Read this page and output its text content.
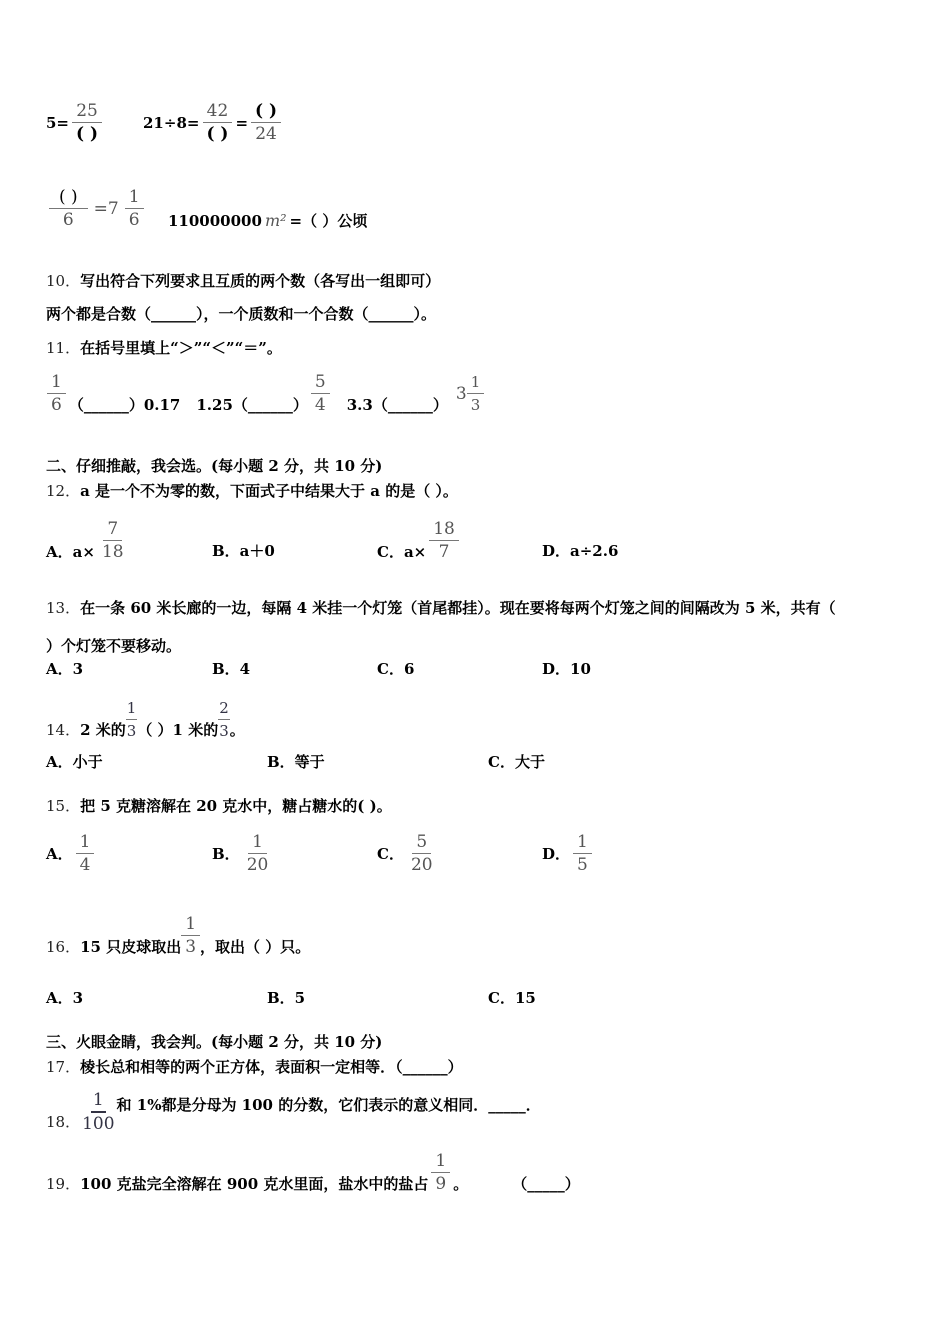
$5= \frac{25}{( )}$	$21\div 8= \frac{42}{( )} = \frac{( )}{24}$
$\frac{( )}{6} =7 \frac{1}{6} 110000000$ m² =（ ）公顷
10． 写出符合下列要求且互质的两个数（各写出一组即可）
两个都是合数（______），一个质数和一个合数（______）。
11． 在括号里填上“＞”“＜”“＝”。
$\frac{1}{6}$ （______）0.17 1.25（______） $\frac{5}{4}$ 3.3（______）
$3 \frac{1}{3}$
二、仔细推敲，我会选。(每小题 2 分，共 10 分)
12． a 是一个不为零的数，下面式子中结果大于 a 的是（ ）。
A．$a\times \frac{7}{18}$	B．a＋0	C．$a\times \frac{18}{7}$	D．a÷2.6
13． 在一条 60 米长廊的一边，每隔 4 米挂一个灯笼（首尾都挂）。现在要将每两个灯笼之间的间隔改为 5 米，共有（
）个灯笼不要移动。
A．3	B．4	C．6	D．10
14． 2 米的 $\frac{1}{3}$ （ ）1 米的 $\frac{2}{3}$ 。
A．小于	B．等于	C．大于
15． 把 5 克糖溶解在 20 克水中，糖占糖水的( )。
A． $\frac{1}{4}$	B． $\frac{1}{20}$	C． $\frac{5}{20}$	D． $\frac{1}{5}$
16． 15 只皮球取出 $\frac{1}{3}$ ，取出（ ）只。
A．3	B．5	C．15
三、火眼金睛，我会判。(每小题 2 分，共 10 分)
17． 棱长总和相等的两个正方体，表面积一定相等．（______）
18． $\frac{1}{100}$ 和 1%都是分母为 100 的分数，它们表示的意义相同．_____．
19． 100 克盐完全溶解在 900 克水里面，盐水中的盐占 $\frac{1}{9}$ 。	（_____）
